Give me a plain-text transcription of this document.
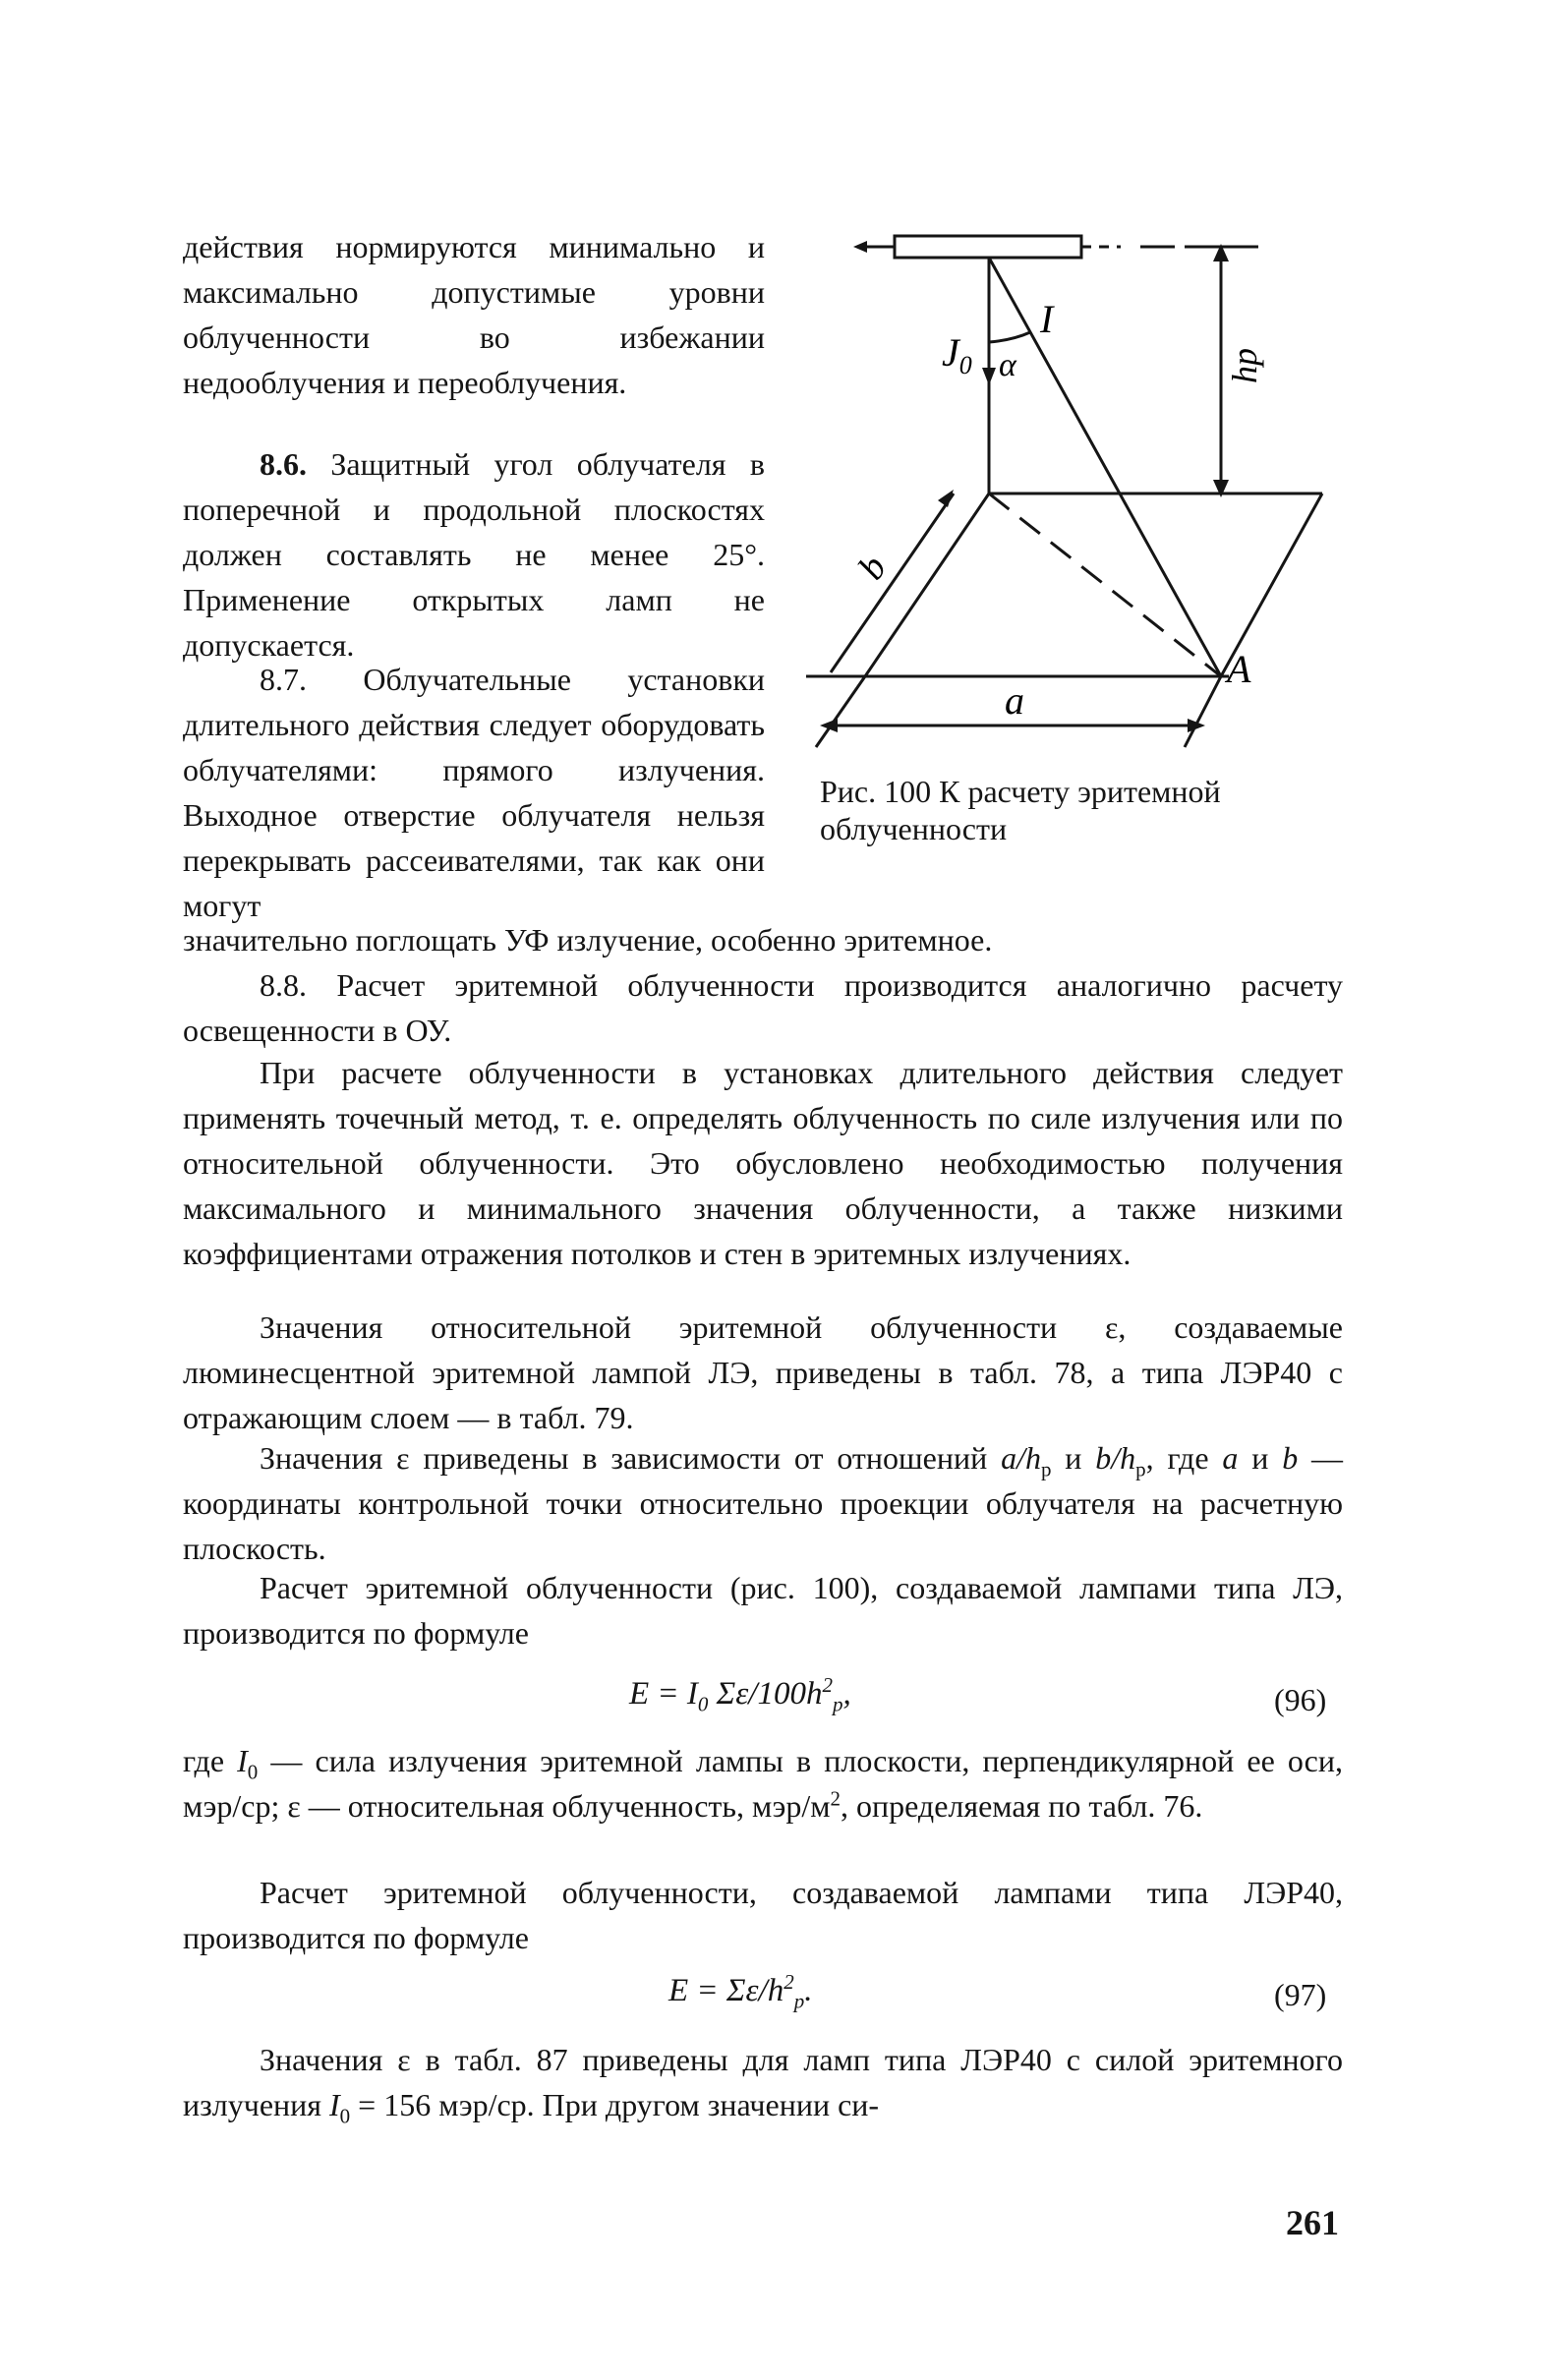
действия нормируются минимально и максимально допустимые уровни облученности во избежании недооблучения и переоблучения.
8.6. Защитный угол облучателя в поперечной и продольной плоскостях должен составлять не менее 25°. Применение открытых ламп не допускается.
8.7. Облучательные установки длительного действия следует оборудовать облучателями: прямого излучения. Выходное отверстие облучателя нельзя перекрывать рассеивателями, так как они могут
$J_0$
I
α	hр
b
a
A
Рис. 100 К расчету эритемной облученности
значительно поглощать УФ излучение, особенно эритемное.
8.8. Расчет эритемной облученности производится аналогично расчету освещенности в ОУ.
При расчете облученности в установках длительного действия следует применять точечный метод, т. е. определять облученность по силе излучения или по относительной облученности. Это обусловлено необходимостью получения максимального и минимального значения облученности, а также низкими коэффициентами отражения потолков и стен в эритемных излучениях.
Значения относительной эритемной облученности ε, создаваемые люминесцентной эритемной лампой ЛЭ, приведены в табл. 78, а типа ЛЭР40 с отражающим слоем — в табл. 79.
Значения ε приведены в зависимости от отношений $a/h_р$ и $b/h_р$, где a и b — координаты контрольной точки относительно проекции облучателя на расчетную плоскость.
Расчет эритемной облученности (рис. 100), создаваемой лампами типа ЛЭ, производится по формуле
$E = I_0$ $\Sigma\varepsilon/100h^2_р$,	(96)
где $I_0$ — сила излучения эритемной лампы в плоскости, перпендикулярной ее оси, мэр/ср; ε — относительная облученность, мэр/$м^2$, определяемая по табл. 76.
Расчет эритемной облученности, создаваемой лампами типа ЛЭР40, производится по формуле
$E = \Sigma\varepsilon/h^2_р$.	(97)
Значения ε в табл. 87 приведены для ламп типа ЛЭР40 с силой эритемного излучения $I_0 = 156$ мэр/ср. При другом значении си-
261
